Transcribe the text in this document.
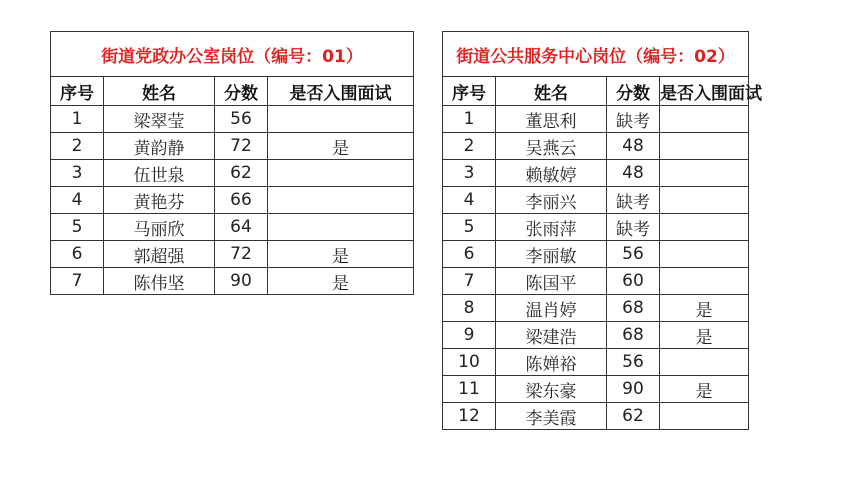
街道党政办公室岗位（编号：01）			
序号	姓名	分数	是否入围面试
1	梁翠莹	56	
2	黄韵静	72	是
3	伍世泉	62	
4	黄艳芬	66	
5	马丽欣	64	
6	郭超强	72	是
7	陈伟坚	90	是
街道公共服务中心岗位（编号：02）			
序号	姓名	分数	是否入围面试
1	董思利	缺考	
2	吴燕云	48	
3	赖敏婷	48	
4	李丽兴	缺考	
5	张雨萍	缺考	
6	李丽敏	56	
7	陈国平	60	
8	温肖婷	68	是
9	梁建浩	68	是
10	陈婵裕	56	
11	梁东豪	90	是
12	李美霞	62	
